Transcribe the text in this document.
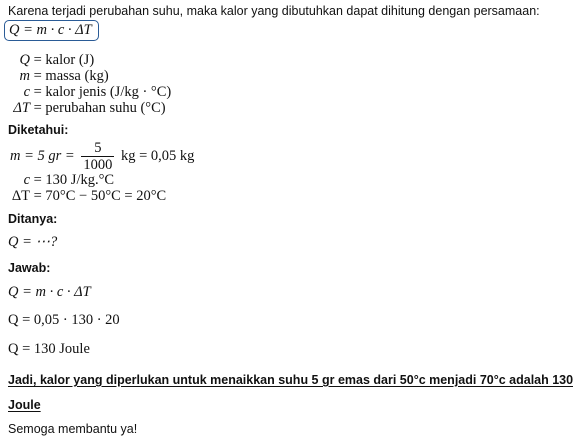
Karena terjadi perubahan suhu, maka kalor yang dibutuhkan dapat dihitung dengan persamaan:
Q = m · c · ΔT
Q = kalor (J)
m = massa (kg)
c = kalor jenis (J/kg · °C)
ΔT = perubahan suhu (°C)
Diketahui:
m = 5 gr = $\frac{5}{1000}$ kg = 0,05 kg
c = 130 J/kg.°C
ΔT = 70°C − 50°C = 20°C
Ditanya:
Q = ⋯?
Jawab:
Q = m · c · ΔT
Q = 0,05 · 130 · 20
Q = 130 Joule
Jadi, kalor yang diperlukan untuk menaikkan suhu 5 gr emas dari 50°c menjadi 70°c adalah 130
Joule
Semoga membantu ya!
